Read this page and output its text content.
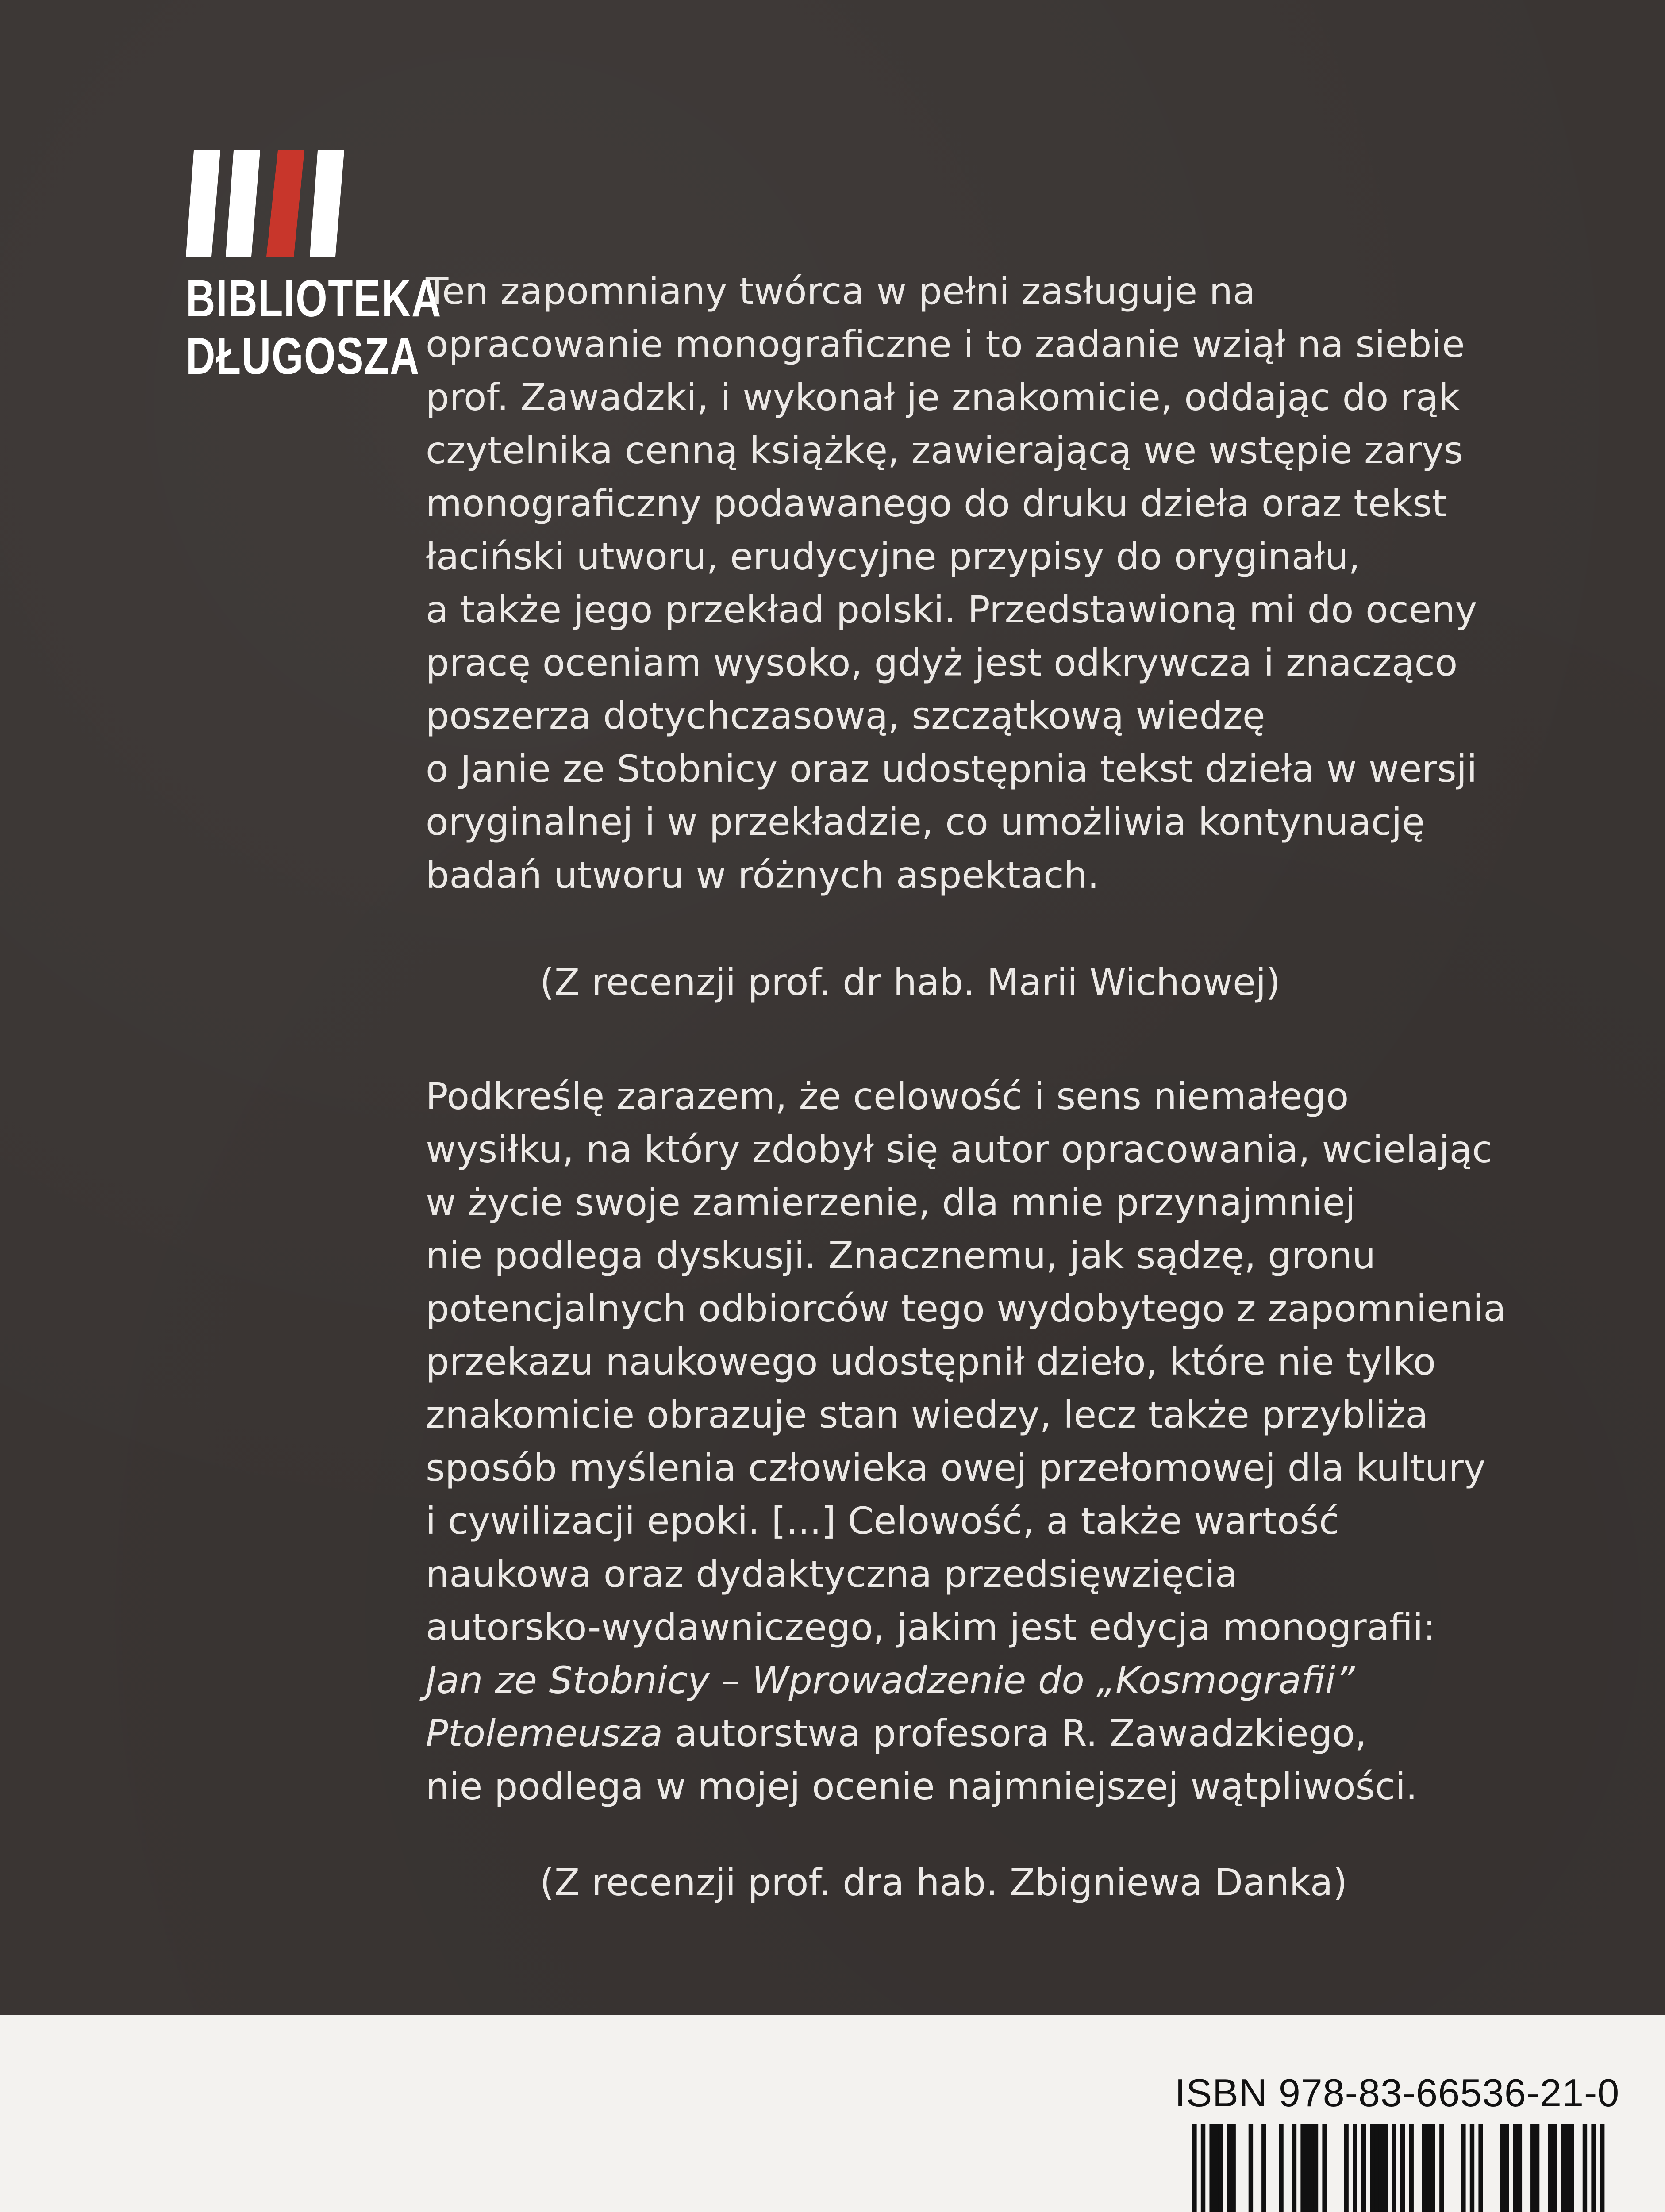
BIBLIOTEKA
DŁUGOSZA
Ten zapomniany twórca w pełni zasługuje na
opracowanie monograficzne i to zadanie wziął na siebie
prof. Zawadzki, i wykonał je znakomicie, oddając do rąk
czytelnika cenną książkę, zawierającą we wstępie zarys
monograficzny podawanego do druku dzieła oraz tekst
łaciński utworu, erudycyjne przypisy do oryginału,
a także jego przekład polski. Przedstawioną mi do oceny
pracę oceniam wysoko, gdyż jest odkrywcza i znacząco
poszerza dotychczasową, szczątkową wiedzę
o Janie ze Stobnicy oraz udostępnia tekst dzieła w wersji
oryginalnej i w przekładzie, co umożliwia kontynuację
badań utworu w różnych aspektach.
(Z recenzji prof. dr hab. Marii Wichowej)
Podkreślę zarazem, że celowość i sens niemałego
wysiłku, na który zdobył się autor opracowania, wcielając
w życie swoje zamierzenie, dla mnie przynajmniej
nie podlega dyskusji. Znacznemu, jak sądzę, gronu
potencjalnych odbiorców tego wydobytego z zapomnienia
przekazu naukowego udostępnił dzieło, które nie tylko
znakomicie obrazuje stan wiedzy, lecz także przybliża
sposób myślenia człowieka owej przełomowej dla kultury
i cywilizacji epoki. [...] Celowość, a także wartość
naukowa oraz dydaktyczna przedsięwzięcia
autorsko-wydawniczego, jakim jest edycja monografii:
Jan ze Stobnicy – Wprowadzenie do „Kosmografii”
Ptolemeusza autorstwa profesora R. Zawadzkiego,
nie podlega w mojej ocenie najmniejszej wątpliwości.
(Z recenzji prof. dra hab. Zbigniewa Danka)
ISBN 978-83-66536-21-0
